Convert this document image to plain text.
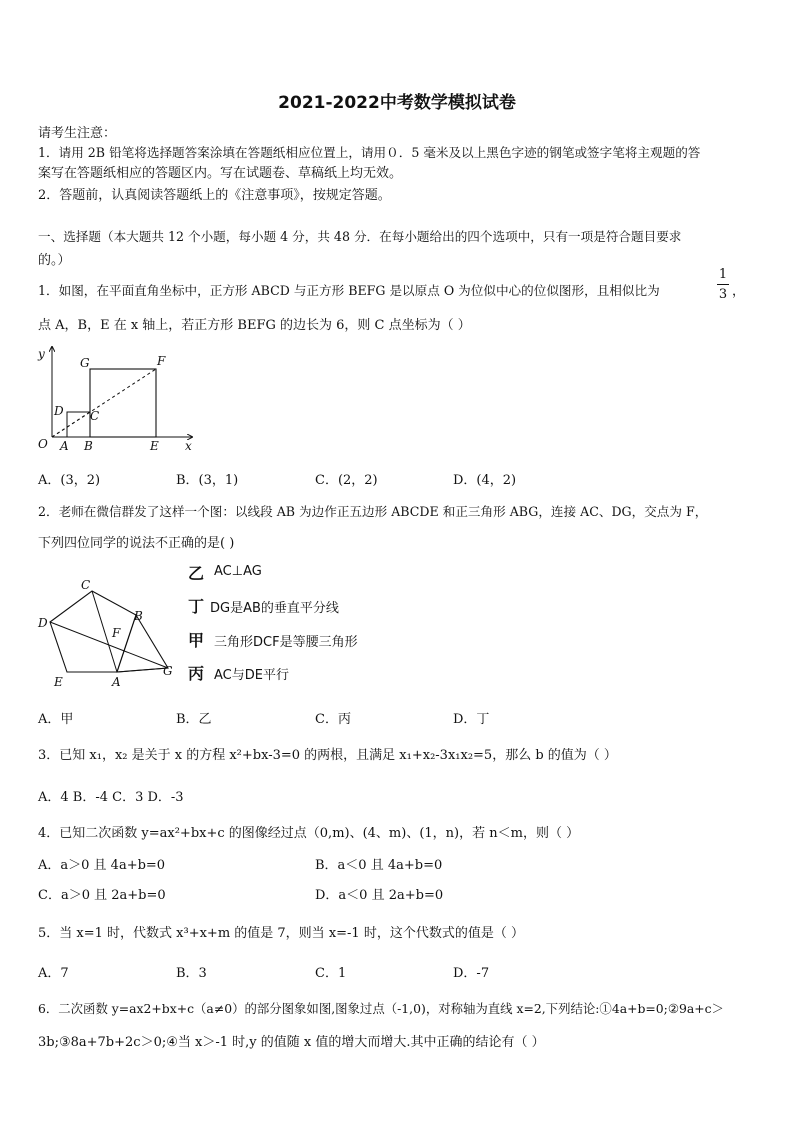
2021-2022中考数学模拟试卷
请考生注意：
1．请用 2B 铅笔将选择题答案涂填在答题纸相应位置上，请用０．5 毫米及以上黑色字迹的钢笔或签字笔将主观题的答
案写在答题纸相应的答题区内。写在试题卷、草稿纸上均无效。
2．答题前，认真阅读答题纸上的《注意事项》，按规定答题。
一、选择题（本大题共 12 个小题，每小题 4 分，共 48 分．在每小题给出的四个选项中，只有一项是符合题目要求
的。）
1．如图，在平面直角坐标中，正方形 ABCD 与正方形 BEFG 是以原点 O 为位似中心的位似图形，且相似比为
1
3 ，
点 A，B，E 在 x 轴上，若正方形 BEFG 的边长为 6，则 C 点坐标为（ ）
y
x
O A B	E
D C
G	F
A．(3，2)	B．(3，1)	C．(2，2)	D．(4，2)
2．老师在微信群发了这样一个图：以线段 AB 为边作正五边形 ABCDE 和正三角形 ABG，连接 AC、DG，交点为 F，
下列四位同学的说法不正确的是( )
C
B
D
F
E	A
G
乙 AC⊥AG
丁 DG是AB的垂直平分线
甲 三角形DCF是等腰三角形
丙 AC与DE平行
A．甲	B．乙	C．丙	D．丁
3．已知 x₁，x₂ 是关于 x 的方程 x²+bx-3=0 的两根，且满足 x₁+x₂-3x₁x₂=5，那么 b 的值为（ ）
A．4 B．-4 C．3 D．-3
4．已知二次函数 y=ax²+bx+c 的图像经过点（0,m)、(4、m)、(1，n)，若 n＜m，则（ ）
A．a＞0 且 4a+b=0	B．a＜0 且 4a+b=0
C．a＞0 且 2a+b=0	D．a＜0 且 2a+b=0
5．当 x=1 时，代数式 x³+x+m 的值是 7，则当 x=-1 时，这个代数式的值是（ ）
A．7	B．3	C．1	D．-7
6．二次函数 y=ax2+bx+c（a≠0）的部分图象如图,图象过点（-1,0)，对称轴为直线 x=2,下列结论:①4a+b=0;②9a+c＞
3b;③8a+7b+2c＞0;④当 x＞-1 时,y 的值随 x 值的增大而增大.其中正确的结论有（ ）
